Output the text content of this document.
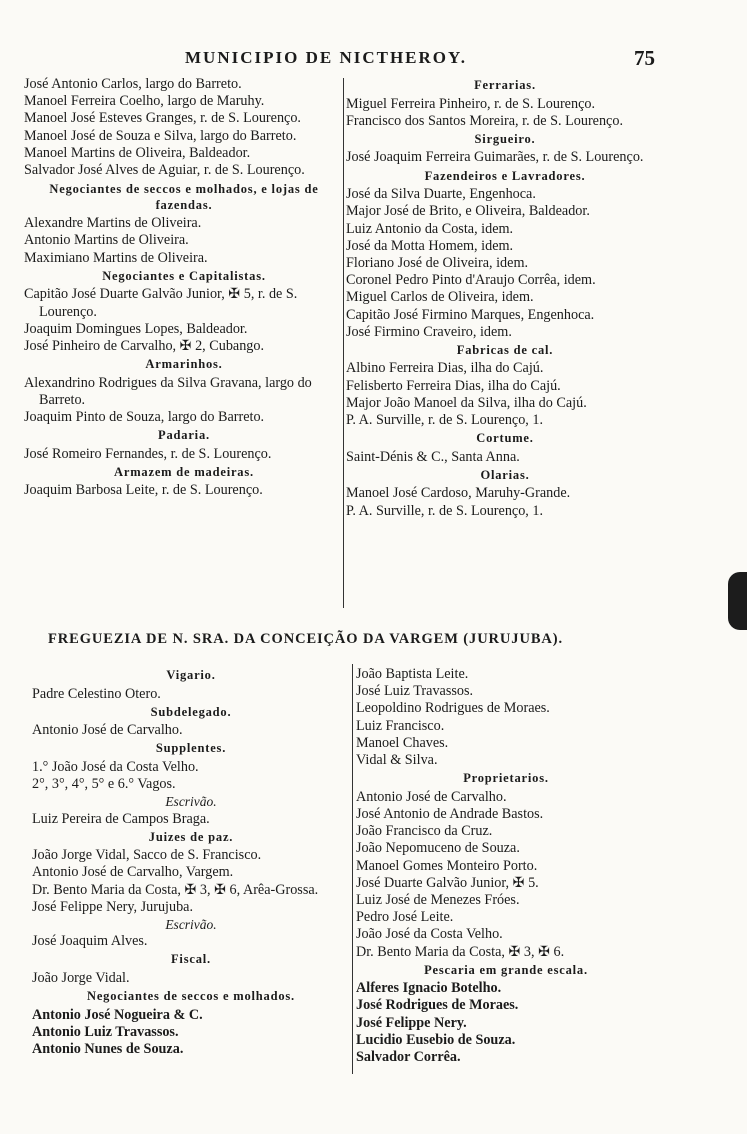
MUNICIPIO DE NICTHEROY.	75
José Antonio Carlos, largo do Barreto.
Manoel Ferreira Coelho, largo de Maruhy.
Manoel José Esteves Granges, r. de S. Lourenço.
Manoel José de Souza e Silva, largo do Barreto.
Manoel Martins de Oliveira, Baldeador.
Salvador José Alves de Aguiar, r. de S. Lourenço.
Negociantes de seccos e molhados, e lojas de fazendas.
Alexandre Martins de Oliveira.
Antonio Martins de Oliveira.
Maximiano Martins de Oliveira.
Negociantes e Capitalistas.
Capitão José Duarte Galvão Junior, ✠ 5, r. de S. Lourenço.
Joaquim Domingues Lopes, Baldeador.
José Pinheiro de Carvalho, ✠ 2, Cubango.
Armarinhos.
Alexandrino Rodrigues da Silva Gravana, largo do Barreto.
Joaquim Pinto de Souza, largo do Barreto.
Padaria.
José Romeiro Fernandes, r. de S. Lourenço.
Armazem de madeiras.
Joaquim Barbosa Leite, r. de S. Lourenço.
Ferrarias.
Miguel Ferreira Pinheiro, r. de S. Lourenço.
Francisco dos Santos Moreira, r. de S. Lourenço.
Sirgueiro.
José Joaquim Ferreira Guimarães, r. de S. Lourenço.
Fazendeiros e Lavradores.
José da Silva Duarte, Engenhoca.
Major José de Brito, e Oliveira, Baldeador.
Luiz Antonio da Costa, idem.
José da Motta Homem, idem.
Floriano José de Oliveira, idem.
Coronel Pedro Pinto d'Araujo Corrêa, idem.
Miguel Carlos de Oliveira, idem.
Capitão José Firmino Marques, Engenhoca.
José Firmino Craveiro, idem.
Fabricas de cal.
Albino Ferreira Dias, ilha do Cajú.
Felisberto Ferreira Dias, ilha do Cajú.
Major João Manoel da Silva, ilha do Cajú.
P. A. Surville, r. de S. Lourenço, 1.
Cortume.
Saint-Dénis & C., Santa Anna.
Olarias.
Manoel José Cardoso, Maruhy-Grande.
P. A. Surville, r. de S. Lourenço, 1.
FREGUEZIA DE N. SRA. DA CONCEIÇÃO DA VARGEM (JURUJUBA).
Vigario.
Padre Celestino Otero.
Subdelegado.
Antonio José de Carvalho.
Supplentes.
1.° João José da Costa Velho.
2°, 3°, 4°, 5° e 6.° Vagos.
Escrivão.
Luiz Pereira de Campos Braga.
Juizes de paz.
João Jorge Vidal, Sacco de S. Francisco.
Antonio José de Carvalho, Vargem.
Dr. Bento Maria da Costa, ✠ 3, ✠ 6, Arêa-Grossa.
José Felippe Nery, Jurujuba.
Escrivão.
José Joaquim Alves.
Fiscal.
João Jorge Vidal.
Negociantes de seccos e molhados.
Antonio José Nogueira & C.
Antonio Luiz Travassos.
Antonio Nunes de Souza.
João Baptista Leite.
José Luiz Travassos.
Leopoldino Rodrigues de Moraes.
Luiz Francisco.
Manoel Chaves.
Vidal & Silva.
Proprietarios.
Antonio José de Carvalho.
José Antonio de Andrade Bastos.
João Francisco da Cruz.
João Nepomuceno de Souza.
Manoel Gomes Monteiro Porto.
José Duarte Galvão Junior, ✠ 5.
Luiz José de Menezes Fróes.
Pedro José Leite.
João José da Costa Velho.
Dr. Bento Maria da Costa, ✠ 3, ✠ 6.
Pescaria em grande escala.
Alferes Ignacio Botelho.
José Rodrigues de Moraes.
José Felippe Nery.
Lucidio Eusebio de Souza.
Salvador Corrêa.
